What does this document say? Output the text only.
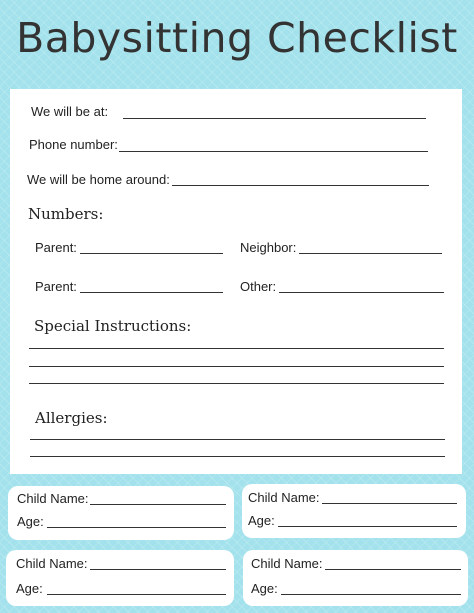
Babysitting Checklist
We will be at:
Phone number:
We will be home around:
Numbers:
Parent:	Neighbor:
Parent:	Other:
Special Instructions:
Allergies:
Child Name:
Age:
Child Name:
Age:
Child Name:
Age:
Child Name:
Age:
